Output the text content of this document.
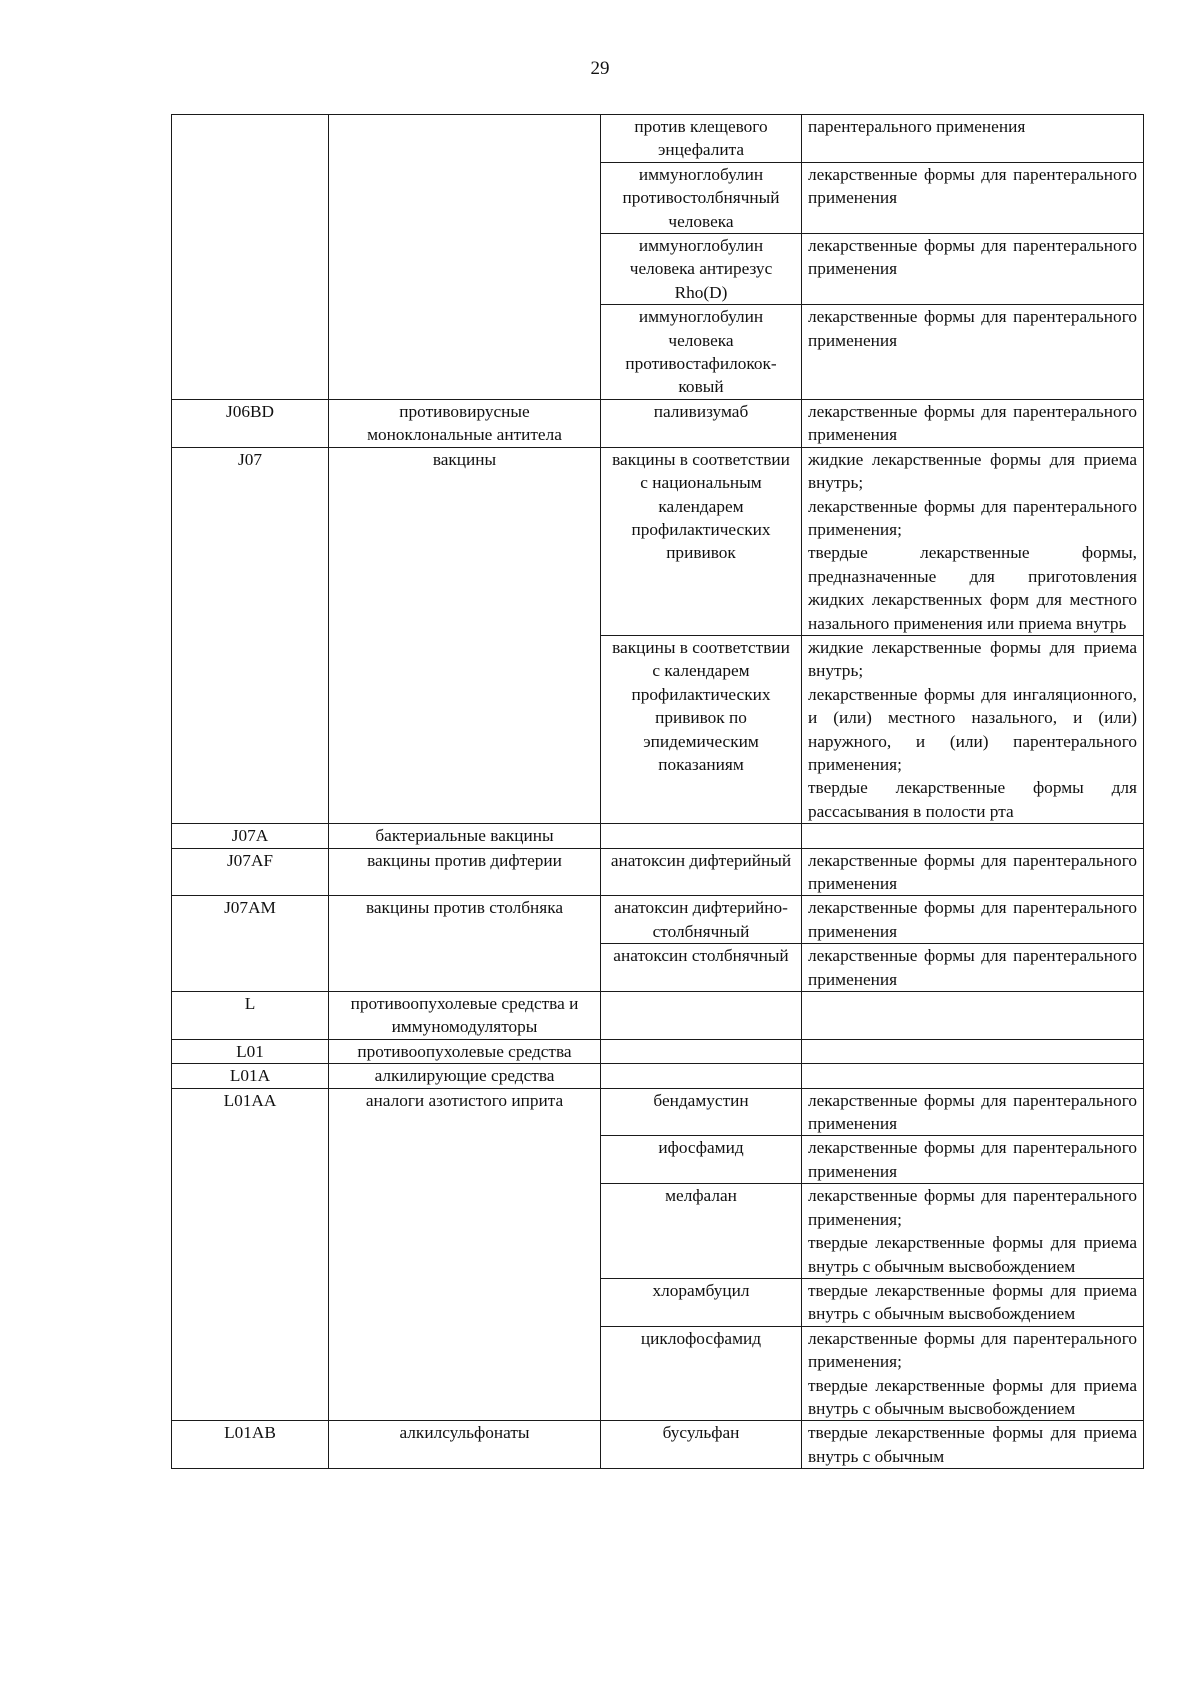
29
		против клещевого энцефалита	парентерального применения
		иммуноглобулин противостолбнячный человека	лекарственные формы для парентерального применения
		иммуноглобулин человека антирезус Rho(D)	лекарственные формы для парентерального применения
		иммуноглобулин человека противостафилокок-ковый	лекарственные формы для парентерального применения
J06BD	противовирусные моноклональные антитела	паливизумаб	лекарственные формы для парентерального применения
J07	вакцины	вакцины в соответствии с национальным календарем профилактических прививок	жидкие лекарственные формы для приема внутрь;
лекарственные формы для парентерального применения;
твердые лекарственные формы, предназначенные для приготовления жидких лекарственных форм для местного назального применения или приема внутрь

		вакцины в соответствии с календарем профилактических прививок по эпидемическим показаниям	жидкие лекарственные формы для приема внутрь;
лекарственные формы для ингаляционного, и (или) местного назального, и (или) наружного, и (или) парентерального применения;
твердые лекарственные формы для рассасывания в полости рта

J07A	бактериальные вакцины		
J07AF	вакцины против дифтерии	анатоксин дифтерийный	лекарственные формы для парентерального применения
J07AM	вакцины против столбняка	анатоксин дифтерийно-столбнячный	лекарственные формы для парентерального применения
		анатоксин столбнячный	лекарственные формы для парентерального применения
L	противоопухолевые средства и иммуномодуляторы		
L01	противоопухолевые средства		
L01A	алкилирующие средства		
L01AA	аналоги азотистого иприта	бендамустин	лекарственные формы для парентерального применения
		ифосфамид	лекарственные формы для парентерального применения
		мелфалан	лекарственные формы для парентерального применения;
твердые лекарственные формы для приема внутрь с обычным высвобождением

		хлорамбуцил	твердые лекарственные формы для приема внутрь с обычным высвобождением
		циклофосфамид	лекарственные формы для парентерального применения;
твердые лекарственные формы для приема внутрь с обычным высвобождением

L01AB	алкилсульфонаты	бусульфан	твердые лекарственные формы для приема внутрь с обычным
